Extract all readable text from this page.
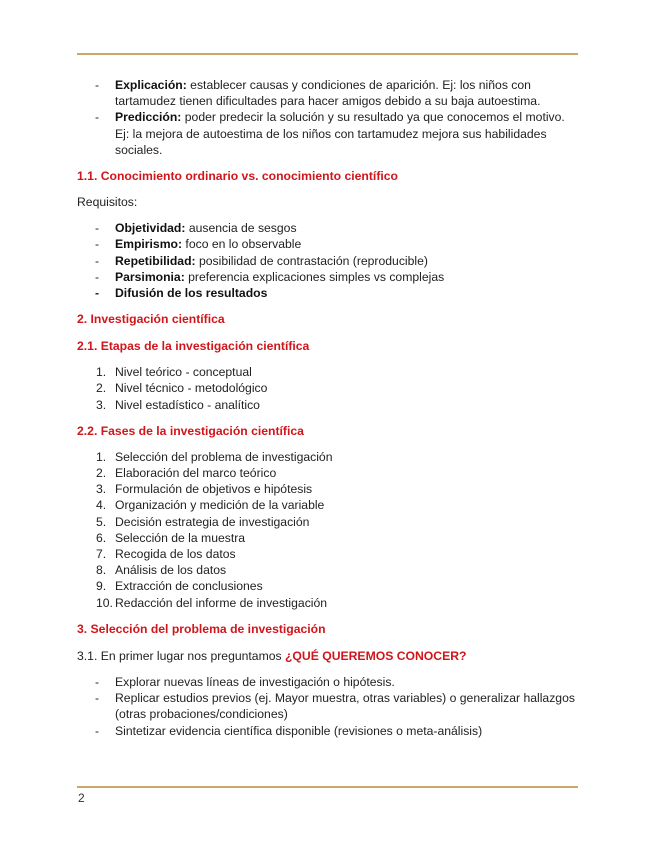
- Explicación: establecer causas y condiciones de aparición. Ej: los niños con tartamudez tienen dificultades para hacer amigos debido a su baja autoestima.
- Predicción: poder predecir la solución y su resultado ya que conocemos el motivo. Ej: la mejora de autoestima de los niños con tartamudez mejora sus habilidades sociales.
1.1. Conocimiento ordinario vs. conocimiento científico

Requisitos:

- Objetividad: ausencia de sesgos
- Empirismo: foco en lo observable
- Repetibilidad: posibilidad de contrastación (reproducible)
- Parsimonia: preferencia explicaciones simples vs complejas
- Difusión de los resultados
2. Investigación científica
2.1. Etapas de la investigación científica
1. Nivel teórico - conceptual
2. Nivel técnico - metodológico
3. Nivel estadístico - analítico
2.2. Fases de la investigación científica
1. Selección del problema de investigación
2. Elaboración del marco teórico
3. Formulación de objetivos e hipótesis
4. Organización y medición de la variable
5. Decisión estrategia de investigación
6. Selección de la muestra
7. Recogida de los datos
8. Análisis de los datos
9. Extracción de conclusiones
10. Redacción del informe de investigación
3. Selección del problema de investigación

3.1. En primer lugar nos preguntamos ¿QUÉ QUEREMOS CONOCER?

- Explorar nuevas líneas de investigación o hipótesis.
- Replicar estudios previos (ej. Mayor muestra, otras variables) o generalizar hallazgos (otras probaciones/condiciones)
- Sintetizar evidencia científica disponible (revisiones o meta-análisis)
2
